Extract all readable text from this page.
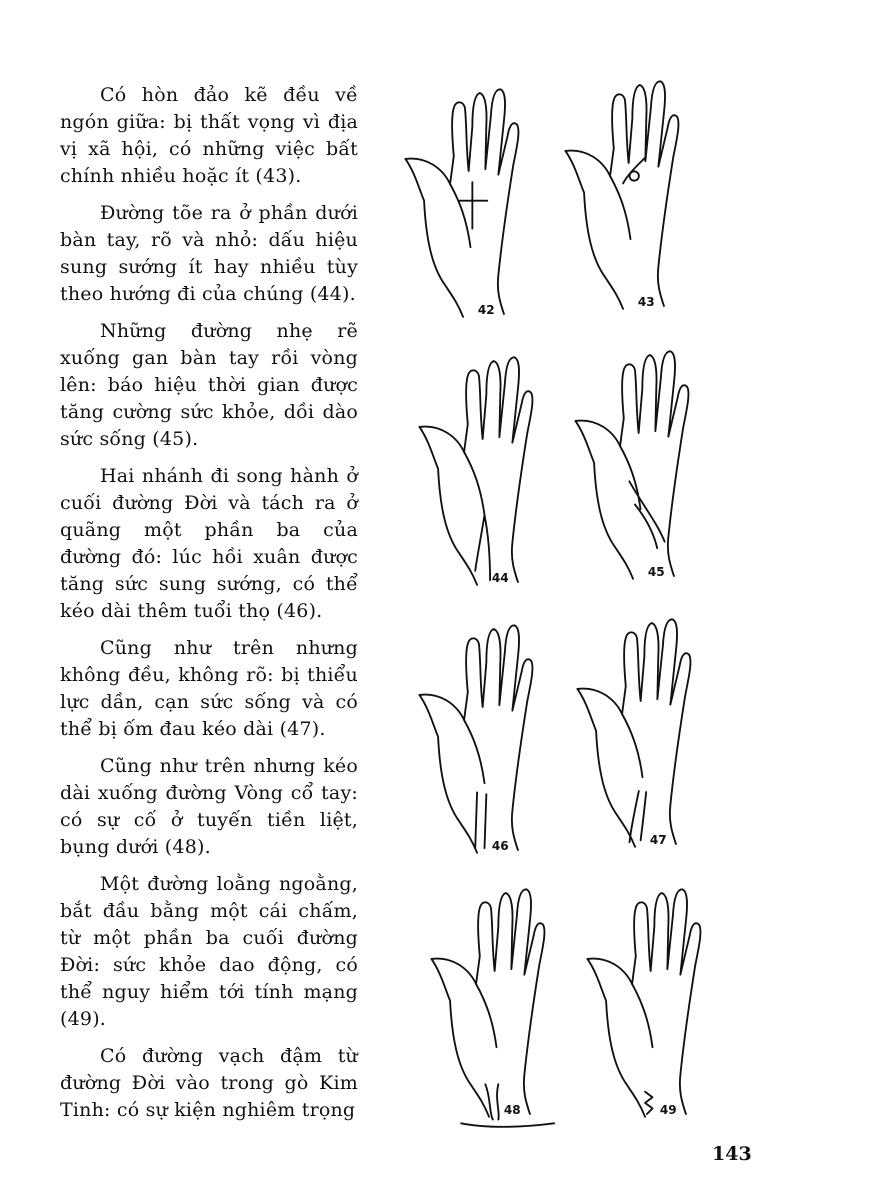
Có hòn đảo kẽ đều về ngón giữa: bị thất vọng vì địa vị xã hội, có những việc bất chính nhiều hoặc ít (43).

Đường tõe ra ở phần dưới bàn tay, rõ và nhỏ: dấu hiệu sung sướng ít hay nhiều tùy theo hướng đi của chúng (44).

Những đường nhẹ rẽ xuống gan bàn tay rồi vòng lên: báo hiệu thời gian được tăng cường sức khỏe, dồi dào sức sống (45).

Hai nhánh đi song hành ở cuối đường Đời và tách ra ở quãng một phần ba của đường đó: lúc hồi xuân được tăng sức sung sướng, có thể kéo dài thêm tuổi thọ (46).

Cũng như trên nhưng không đều, không rõ: bị thiểu lực dần, cạn sức sống và có thể bị ốm đau kéo dài (47).

Cũng như trên nhưng kéo dài xuống đường Vòng cổ tay: có sự cố ở tuyến tiền liệt, bụng dưới (48).

Một đường loằng ngoằng, bắt đầu bằng một cái chấm, từ một phần ba cuối đường Đời: sức khỏe dao động, có thể nguy hiểm tới tính mạng (49).

Có đường vạch đậm từ đường Đời vào trong gò Kim Tinh: có sự kiện nghiêm trọng

42
43
44	45
46	47
48	49
143
